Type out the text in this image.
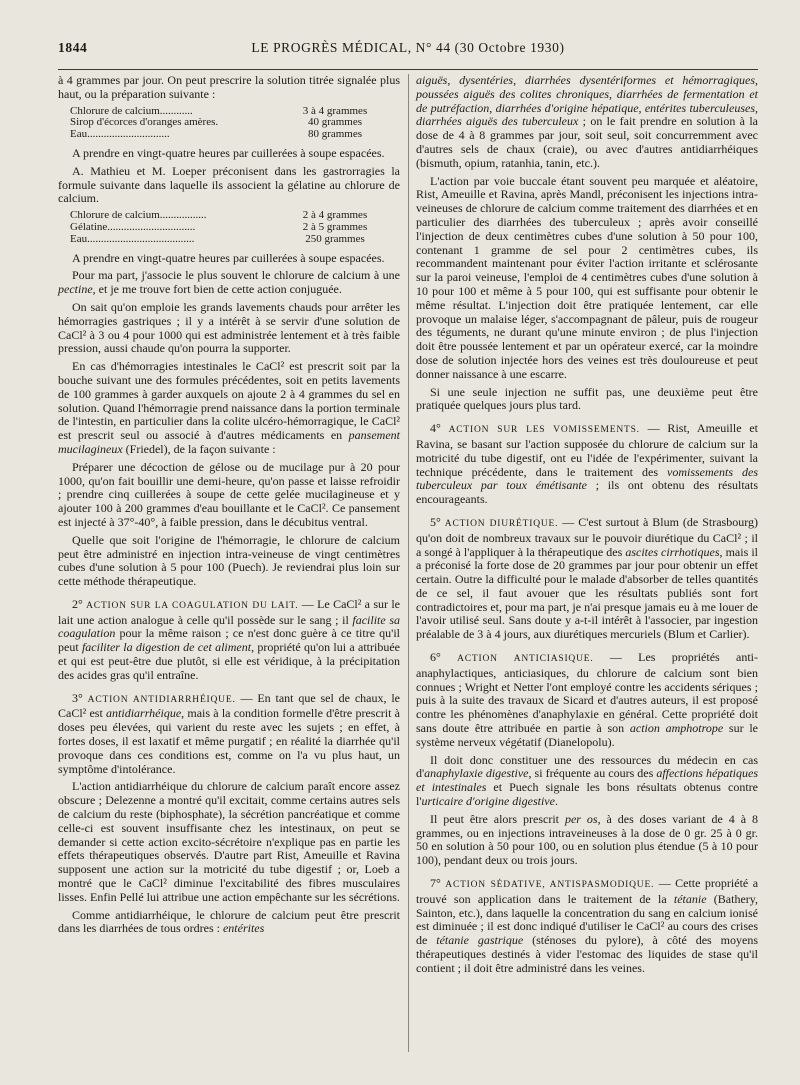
1844	LE PROGRÈS MÉDICAL, N° 44 (30 Octobre 1930)

à 4 grammes par jour. On peut prescrire la solution titrée signalée plus haut, ou la préparation suivante :

Chlorure de calcium............	3 à 4 grammes
Sirop d'écorces d'oranges amères.	40 grammes
Eau..............................	80 grammes

A prendre en vingt-quatre heures par cuillerées à soupe espacées.

A. Mathieu et M. Loeper préconisent dans les gastrorragies la formule suivante dans laquelle ils associent la gélatine au chlorure de calcium.

Chlorure de calcium.................	2 à 4 grammes
Gélatine................................	2 à 5 grammes
Eau.......................................	250 grammes

A prendre en vingt-quatre heures par cuillerées à soupe espacées.

Pour ma part, j'associe le plus souvent le chlorure de calcium à une pectine, et je me trouve fort bien de cette action conjuguée.

On sait qu'on emploie les grands lavements chauds pour arrêter les hémorragies gastriques ; il y a intérêt à se servir d'une solution de CaCl² à 3 ou 4 pour 1000 qui est administrée lentement et à très faible pression, aussi chaude qu'on pourra la supporter.

En cas d'hémorragies intestinales le CaCl² est prescrit soit par la bouche suivant une des formules précédentes, soit en petits lavements de 100 grammes à garder auxquels on ajoute 2 à 4 grammes du sel en solution. Quand l'hémorragie prend naissance dans la portion terminale de l'intestin, en particulier dans la colite ulcéro-hémorragique, le CaCl² est prescrit seul ou associé à d'autres médicaments en pansement mucilagineux (Friedel), de la façon suivante :

Préparer une décoction de gélose ou de mucilage pur à 20 pour 1000, qu'on fait bouillir une demi-heure, qu'on passe et laisse refroidir ; prendre cinq cuillerées à soupe de cette gelée mucilagineuse et y ajouter 100 à 200 grammes d'eau bouillante et le CaCl². Ce pansement est injecté à 37°-40°, à faible pression, dans le décubitus ventral.

Quelle que soit l'origine de l'hémorragie, le chlorure de calcium peut être administré en injection intra-veineuse de vingt centimètres cubes d'une solution à 5 pour 100 (Puech). Je reviendrai plus loin sur cette méthode thérapeutique.

2° ACTION SUR LA COAGULATION DU LAIT. — Le CaCl² a sur le lait une action analogue à celle qu'il possède sur le sang ; il facilite sa coagulation pour la même raison ; ce n'est donc guère à ce titre qu'il peut faciliter la digestion de cet aliment, propriété qu'on lui a attribuée et qui est peut-être due plutôt, si elle est véridique, à la précipitation des acides gras qu'il entraîne.

3° ACTION ANTIDIARRHÉIQUE. — En tant que sel de chaux, le CaCl² est antidiarrhéique, mais à la condition formelle d'être prescrit à doses peu élevées, qui varient du reste avec les sujets ; en effet, à fortes doses, il est laxatif et même purgatif ; en réalité la diarrhée qu'il provoque dans ces conditions est, comme on l'a vu plus haut, un symptôme d'intolérance.

L'action antidiarrhéique du chlorure de calcium paraît encore assez obscure ; Delezenne a montré qu'il excitait, comme certains autres sels de calcium du reste (biphosphate), la sécrétion pancréatique et comme celle-ci est souvent insuffisante chez les intestinaux, on peut se demander si cette action excito-sécrétoire n'explique pas en partie les effets thérapeutiques observés. D'autre part Rist, Ameuille et Ravina supposent une action sur la motricité du tube digestif ; or, Loeb a montré que le CaCl² diminue l'excitabilité des fibres musculaires lisses. Enfin Pellé lui attribue une action empêchante sur les sécrétions.

Comme antidiarrhéique, le chlorure de calcium peut être prescrit dans les diarrhées de tous ordres : entérites

aiguës, dysentéries, diarrhées dysentériformes et hémorragiques, poussées aiguës des colites chroniques, diarrhées de fermentation et de putréfaction, diarrhées d'origine hépatique, entérites tuberculeuses, diarrhées aiguës des tuberculeux ; on le fait prendre en solution à la dose de 4 à 8 grammes par jour, soit seul, soit concurremment avec d'autres sels de chaux (craie), ou avec d'autres antidiarrhéiques (bismuth, opium, ratanhia, tanin, etc.).

L'action par voie buccale étant souvent peu marquée et aléatoire, Rist, Ameuille et Ravina, après Mandl, préconisent les injections intra-veineuses de chlorure de calcium comme traitement des diarrhées et en particulier des diarrhées des tuberculeux ; après avoir conseillé l'injection de deux centimètres cubes d'une solution à 50 pour 100, contenant 1 gramme de sel pour 2 centimètres cubes, ils recommandent maintenant pour éviter l'action irritante et sclérosante sur la paroi veineuse, l'emploi de 4 centimètres cubes d'une solution à 10 pour 100 et même à 5 pour 100, qui est suffisante pour obtenir le même résultat. L'injection doit être pratiquée lentement, car elle provoque un malaise léger, s'accompagnant de pâleur, puis de rougeur des téguments, ne durant qu'une minute environ ; de plus l'injection doit être poussée lentement et par un opérateur exercé, car la moindre dose de solution injectée hors des veines est très douloureuse et peut donner naissance à une escarre.

Si une seule injection ne suffit pas, une deuxième peut être pratiquée quelques jours plus tard.

4° ACTION SUR LES VOMISSEMENTS. — Rist, Ameuille et Ravina, se basant sur l'action supposée du chlorure de calcium sur la motricité du tube digestif, ont eu l'idée de l'expérimenter, suivant la technique précédente, dans le traitement des vomissements des tuberculeux par toux émétisante ; ils ont obtenu des résultats encourageants.

5° ACTION DIURÉTIQUE. — C'est surtout à Blum (de Strasbourg) qu'on doit de nombreux travaux sur le pouvoir diurétique du CaCl² ; il a songé à l'appliquer à la thérapeutique des ascites cirrhotiques, mais il a préconisé la forte dose de 20 grammes par jour pour obtenir un effet certain. Outre la difficulté pour le malade d'absorber de telles quantités de ce sel, il faut avouer que les résultats publiés sont fort contradictoires et, pour ma part, je n'ai presque jamais eu à me louer de l'avoir utilisé seul. Sans doute y a-t-il intérêt à l'associer, par ingestion préalable de 3 à 4 jours, aux diurétiques mercuriels (Blum et Carlier).

6° ACTION ANTICIASIQUE. — Les propriétés anti-anaphylactiques, anticiasiques, du chlorure de calcium sont bien connues ; Wright et Netter l'ont employé contre les accidents sériques ; puis à la suite des travaux de Sicard et d'autres auteurs, il est proposé contre les phénomènes d'anaphylaxie en général. Cette propriété doit sans doute être attribuée en partie à son action amphotrope sur le système nerveux végétatif (Dianelopolu).

Il doit donc constituer une des ressources du médecin en cas d'anaphylaxie digestive, si fréquente au cours des affections hépatiques et intestinales et Puech signale les bons résultats obtenus contre l'urticaire d'origine digestive.

Il peut être alors prescrit per os, à des doses variant de 4 à 8 grammes, ou en injections intraveineuses à la dose de 0 gr. 25 à 0 gr. 50 en solution à 50 pour 100, ou en solution plus étendue (5 à 10 pour 100), pendant deux ou trois jours.

7° ACTION SÉDATIVE, ANTISPASMODIQUE. — Cette propriété a trouvé son application dans le traitement de la tétanie (Bathery, Sainton, etc.), dans laquelle la concentration du sang en calcium ionisé est diminuée ; il est donc indiqué d'utiliser le CaCl² au cours des crises de tétanie gastrique (sténoses du pylore), à côté des moyens thérapeutiques destinés à vider l'estomac des liquides de stase qu'il contient ; il doit être administré dans les veines.
